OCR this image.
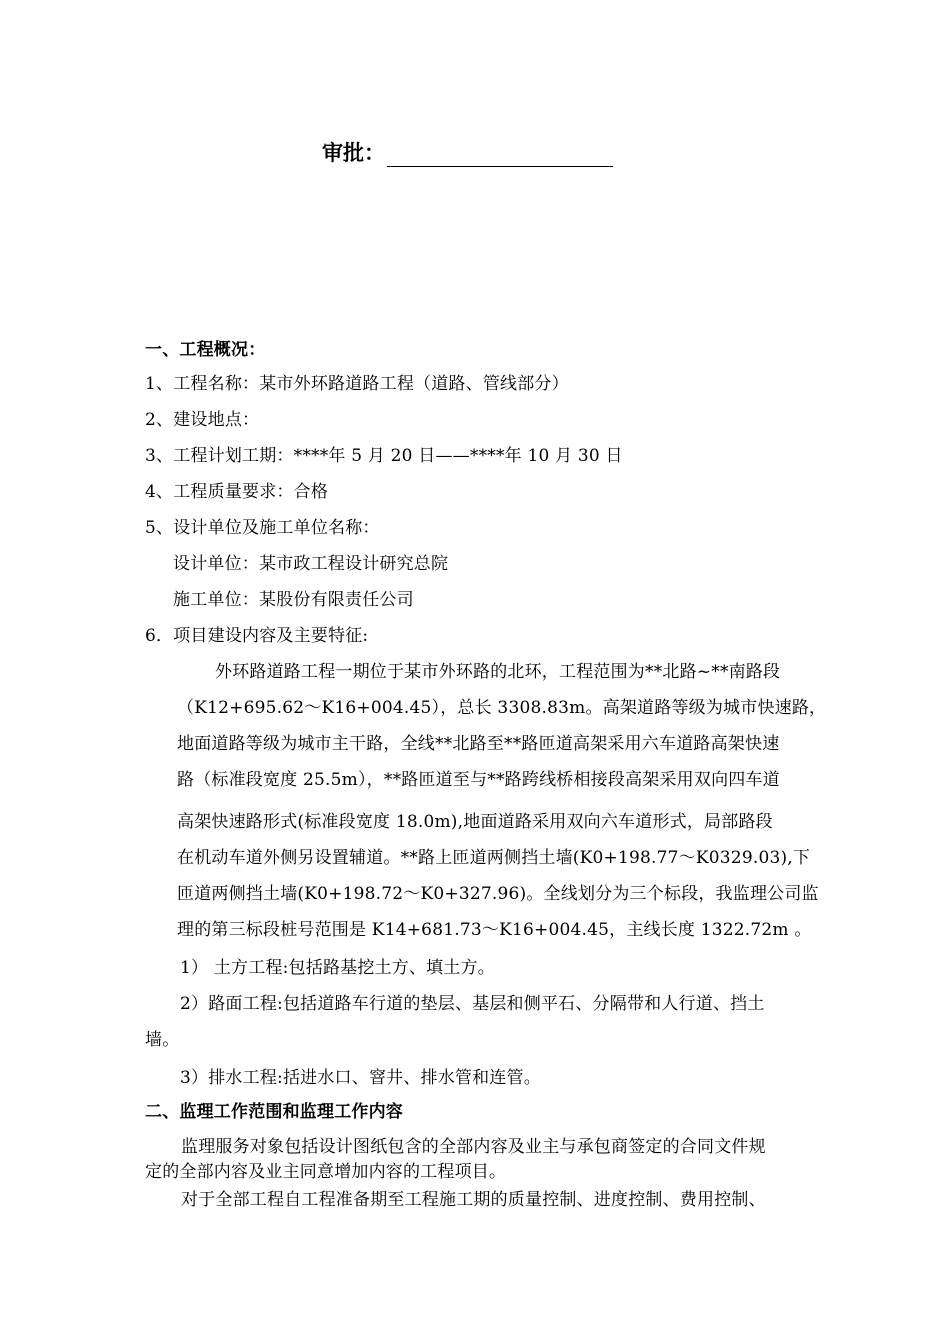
审批：
一、工程概况：
1、工程名称：某市外环路道路工程（道路、管线部分）
2、建设地点：
3、工程计划工期：****年 5 月 20 日——****年 10 月 30 日
4、工程质量要求：合格
5、设计单位及施工单位名称：
设计单位：某市政工程设计研究总院
施工单位：某股份有限责任公司
6．项目建设内容及主要特征:
外环路道路工程一期位于某市外环路的北环，工程范围为**北路~**南路段
（K12+695.62～K16+004.45），总长 3308.83m。高架道路等级为城市快速路，
地面道路等级为城市主干路，全线**北路至**路匝道高架采用六车道路高架快速
路（标准段宽度 25.5m），**路匝道至与**路跨线桥相接段高架采用双向四车道
高架快速路形式(标准段宽度 18.0m),地面道路采用双向六车道形式，局部路段
在机动车道外侧另设置辅道。**路上匝道两侧挡土墙(K0+198.77～K0329.03),下
匝道两侧挡土墙(K0+198.72～K0+327.96)。全线划分为三个标段，我监理公司监
理的第三标段桩号范围是 K14+681.73～K16+004.45，主线长度 1322.72m 。
1） 土方工程:包括路基挖土方、填土方。
2）路面工程:包括道路车行道的垫层、基层和侧平石、分隔带和人行道、挡土
墙。
3）排水工程:括进水口、窨井、排水管和连管。
二、监理工作范围和监理工作内容
监理服务对象包括设计图纸包含的全部内容及业主与承包商签定的合同文件规
定的全部内容及业主同意增加内容的工程项目。
对于全部工程自工程准备期至工程施工期的质量控制、进度控制、费用控制、
